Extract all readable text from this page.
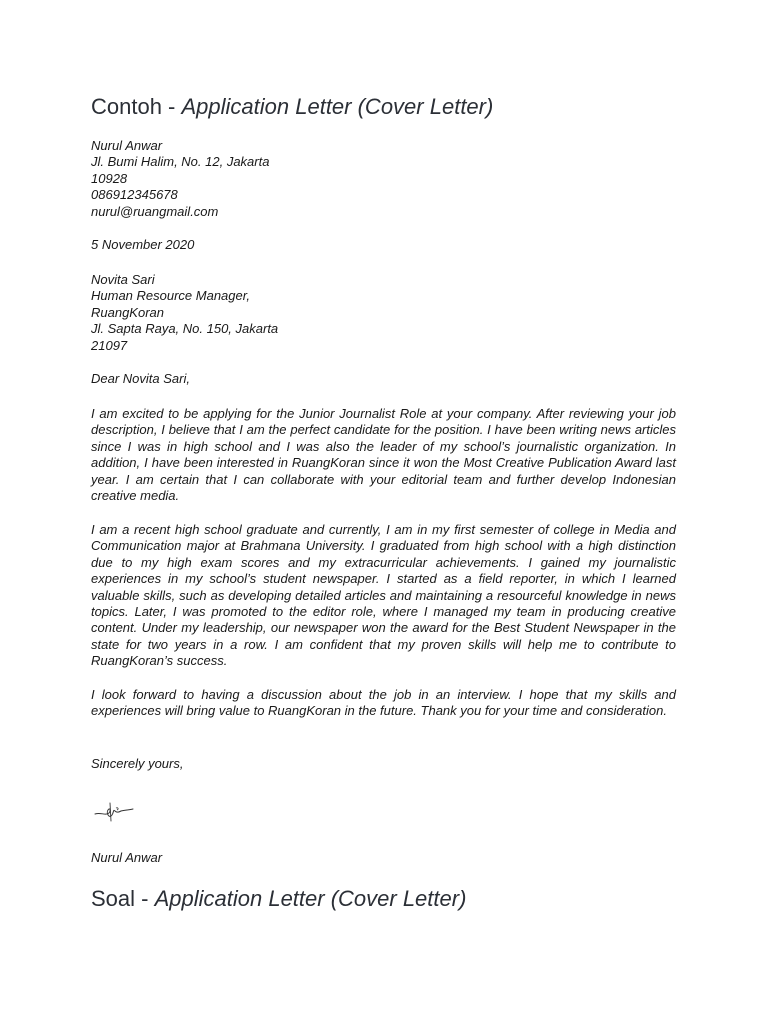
Contoh - Application Letter (Cover Letter)
Nurul Anwar
Jl. Bumi Halim, No. 12, Jakarta
10928
086912345678
nurul@ruangmail.com
5 November 2020
Novita Sari
Human Resource Manager,
RuangKoran
Jl. Sapta Raya, No. 150, Jakarta
21097
Dear Novita Sari,

I am excited to be applying for the Junior Journalist Role at your company. After reviewing your job description, I believe that I am the perfect candidate for the position. I have been writing news articles since I was in high school and I was also the leader of my school’s journalistic organization. In addition, I have been interested in RuangKoran since it won the Most Creative Publication Award last year. I am certain that I can collaborate with your editorial team and further develop Indonesian creative media.

I am a recent high school graduate and currently, I am in my first semester of college in Media and Communication major at Brahmana University. I graduated from high school with a high distinction due to my high exam scores and my extracurricular achievements. I gained my journalistic experiences in my school’s student newspaper. I started as a field reporter, in which I learned valuable skills, such as developing detailed articles and maintaining a resourceful knowledge in news topics. Later, I was promoted to the editor role, where I managed my team in producing creative content. Under my leadership, our newspaper won the award for the Best Student Newspaper in the state for two years in a row. I am confident that my proven skills will help me to contribute to RuangKoran’s success.

I look forward to having a discussion about the job in an interview. I hope that my skills and experiences will bring value to RuangKoran in the future. Thank you for your time and consideration.

Sincerely yours,
Nurul Anwar
Soal - Application Letter (Cover Letter)
